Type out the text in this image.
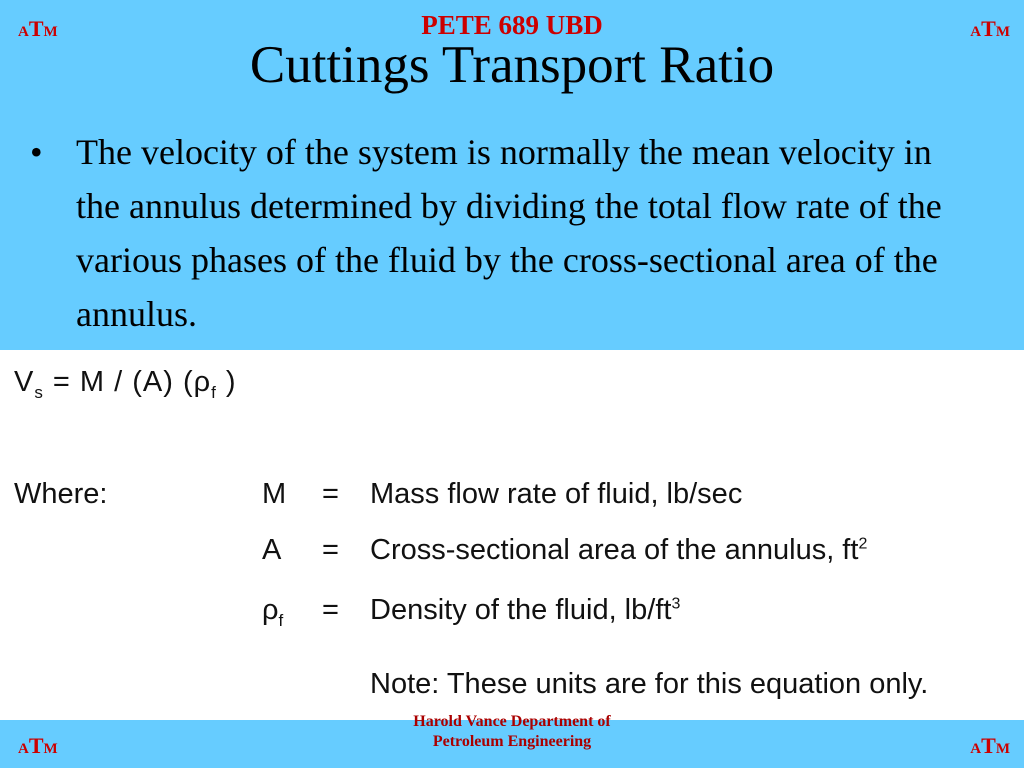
ATM	ATM
ATM	ATM
PETE 689 UBD
Cuttings Transport Ratio
• The velocity of the system is normally the mean velocity in the annulus determined by dividing the total flow rate of the various phases of the fluid by the cross-sectional area of the annulus.
$V_s = M / (A)$ ($\rho_f$ )
Where:	M = Mass flow rate of fluid, lb/sec
A = Cross-sectional area of the annulus, $ft^2$
$\rho_f$ = Density of the fluid, $lb/ft^3$
Note: These units are for this equation only.
Harold Vance Department of
Petroleum Engineering
